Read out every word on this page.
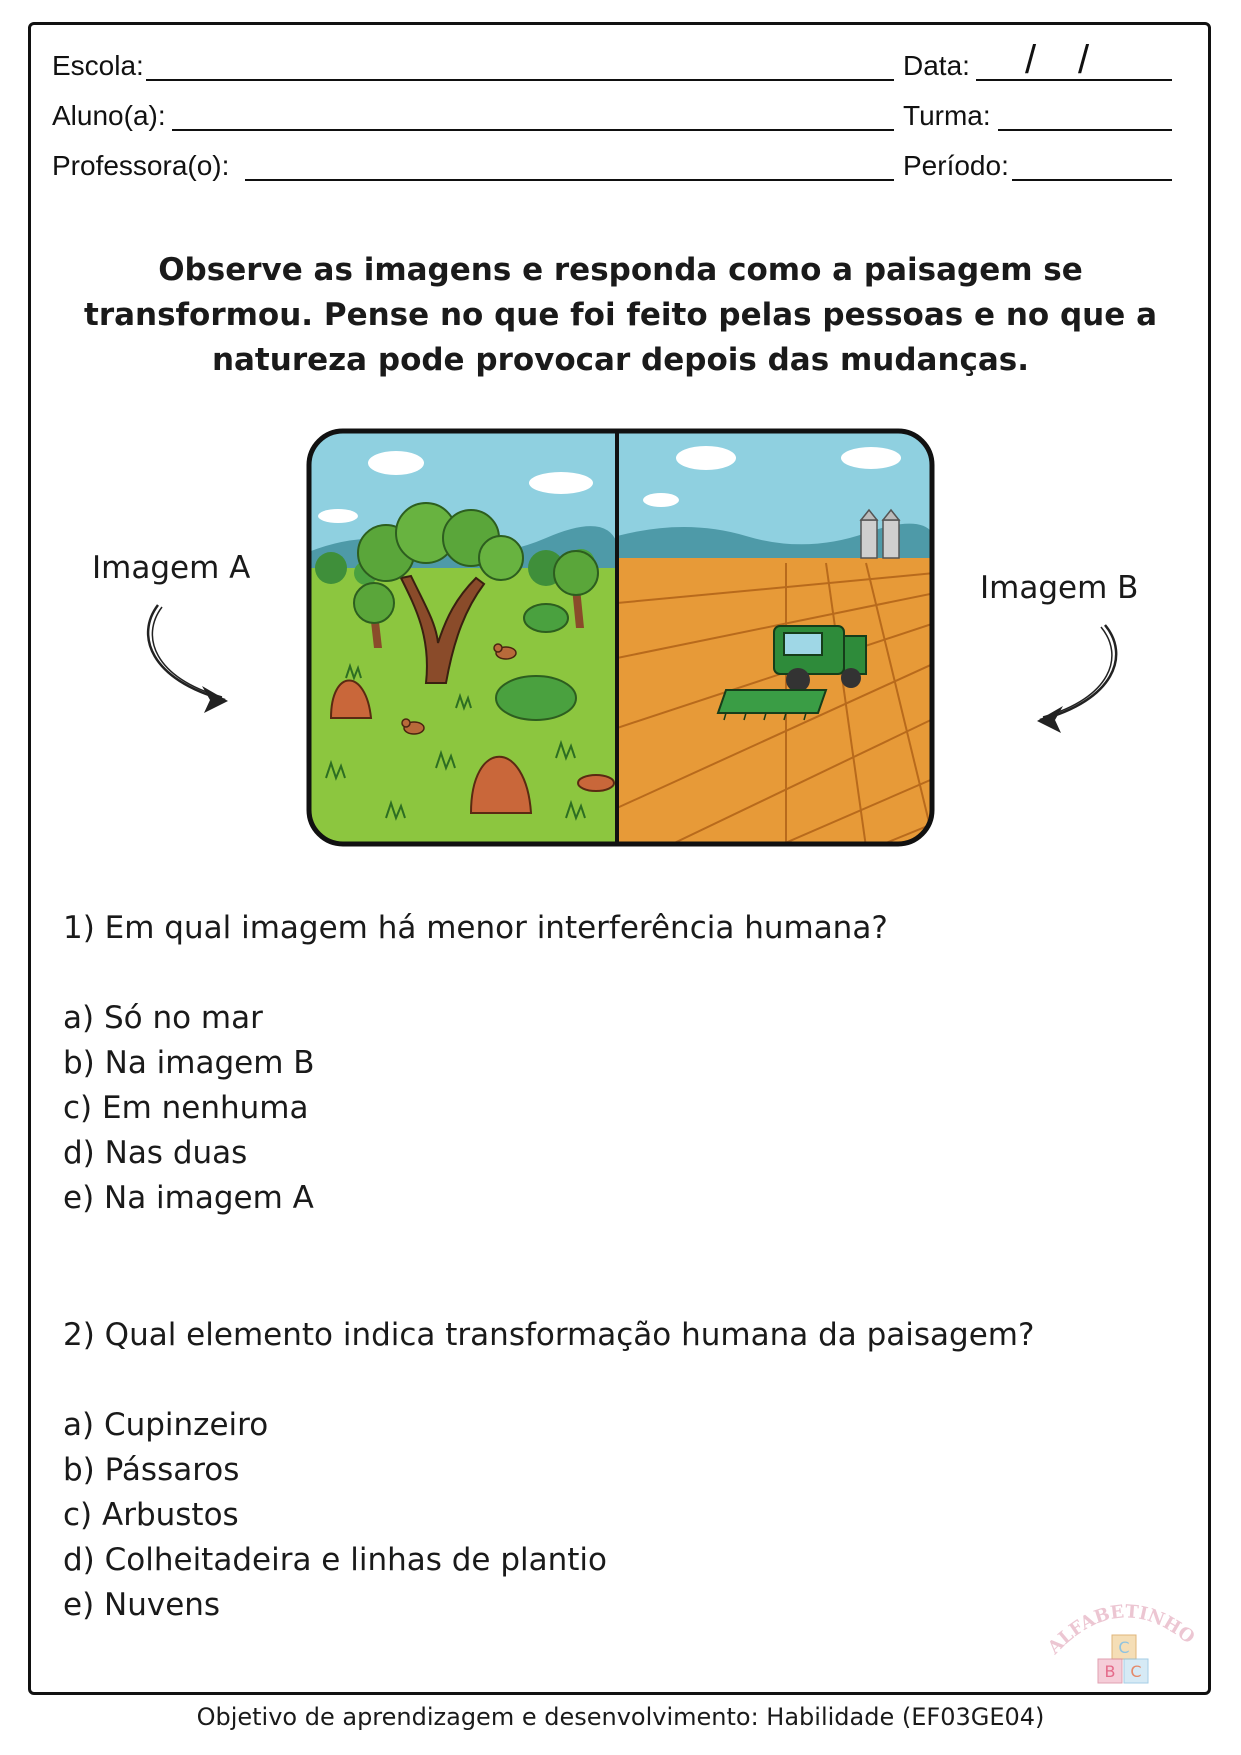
Escola:
Aluno(a):
Professora(o):
Data: / /
Turma:
Período:
Observe as imagens e responda como a paisagem se transformou. Pense no que foi feito pelas pessoas e no que a natureza pode provocar depois das mudanças.
Imagem A
Imagem B
1) Em qual imagem há menor interferência humana?
a) Só no mar
b) Na imagem B
c) Em nenhuma
d) Nas duas
e) Na imagem A
2) Qual elemento indica transformação humana da paisagem?
a) Cupinzeiro
b) Pássaros
c) Arbustos
d) Colheitadeira e linhas de plantio
e) Nuvens
ALFABETINHO
C
B C
Objetivo de aprendizagem e desenvolvimento: Habilidade (EF03GE04)
